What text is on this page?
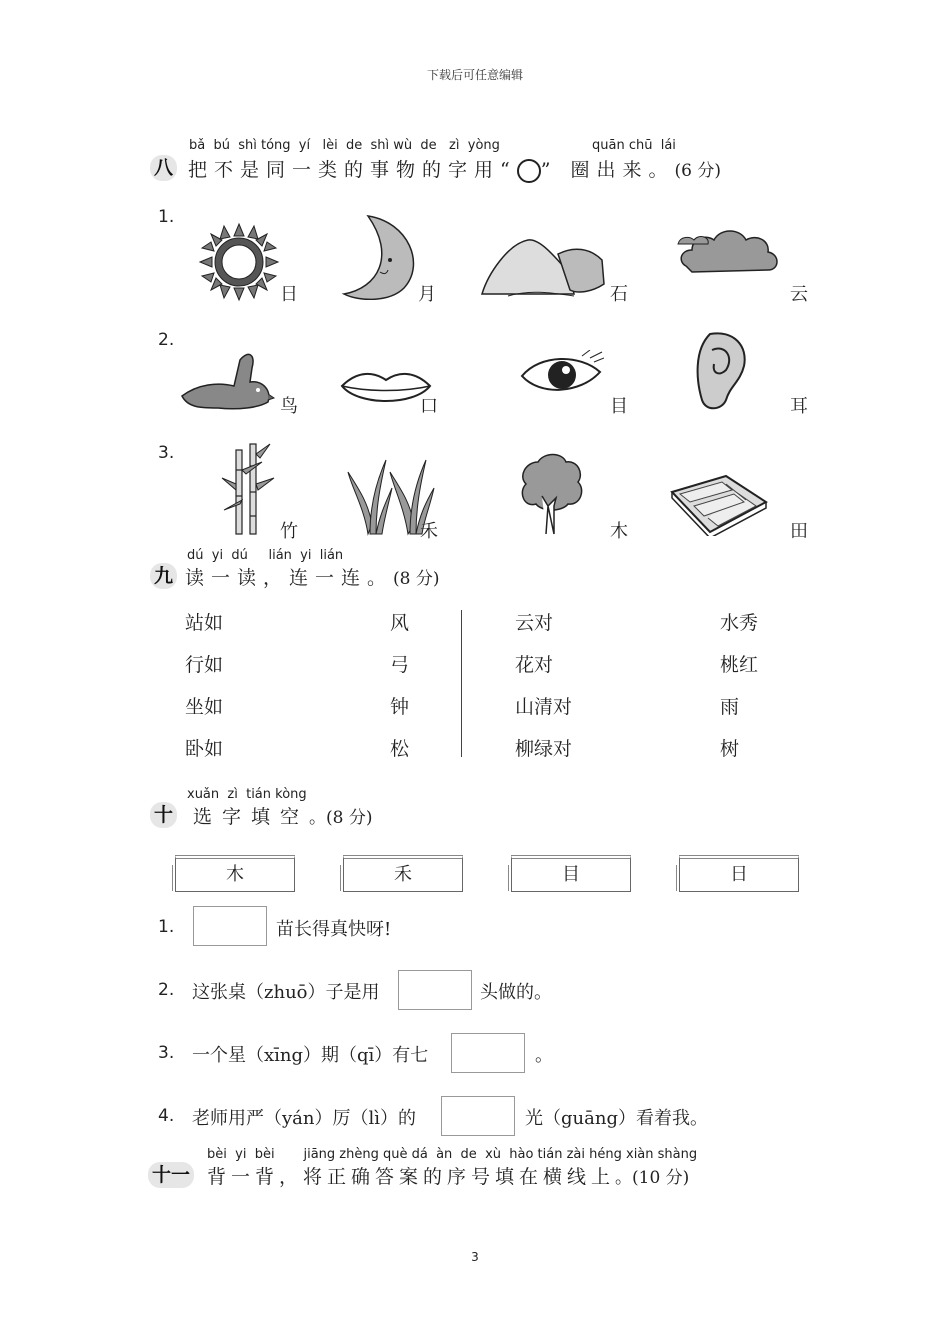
下载后可任意编辑
bǎ  bú  shì tóng  yí   lèi  de  shì wù  de   zì  yòng	quān chū  lái
八 把不是同一类的事物的字用“○” 圈出来。(6 分)
1.
日	月	石	云
2.
鸟	口	目	耳
3.
竹	禾	木	田
dú  yi  dú     lián  yi  lián
九 读一读，连一连。(8 分)
站如	风
行如	弓
坐如	钟
卧如	松
云对	水秀
花对	桃红
山清对	雨
柳绿对	树
xuǎn  zì  tián kòng
十 选字填空。(8 分)
木	禾	目	日
1.	苗长得真快呀!
2. 这张桌（zhuō）子是用	头做的。
3. 一个星（xīng）期（qī）有七	。
4. 老师用严（yán）厉（lì）的	光（guāng）看着我。
bèi  yi  bèi       jiāng zhèng què dá  àn  de  xù  hào tián zài héng xiàn shàng
十一 背一背，将正确答案的序号填在横线上。(10 分)
3
